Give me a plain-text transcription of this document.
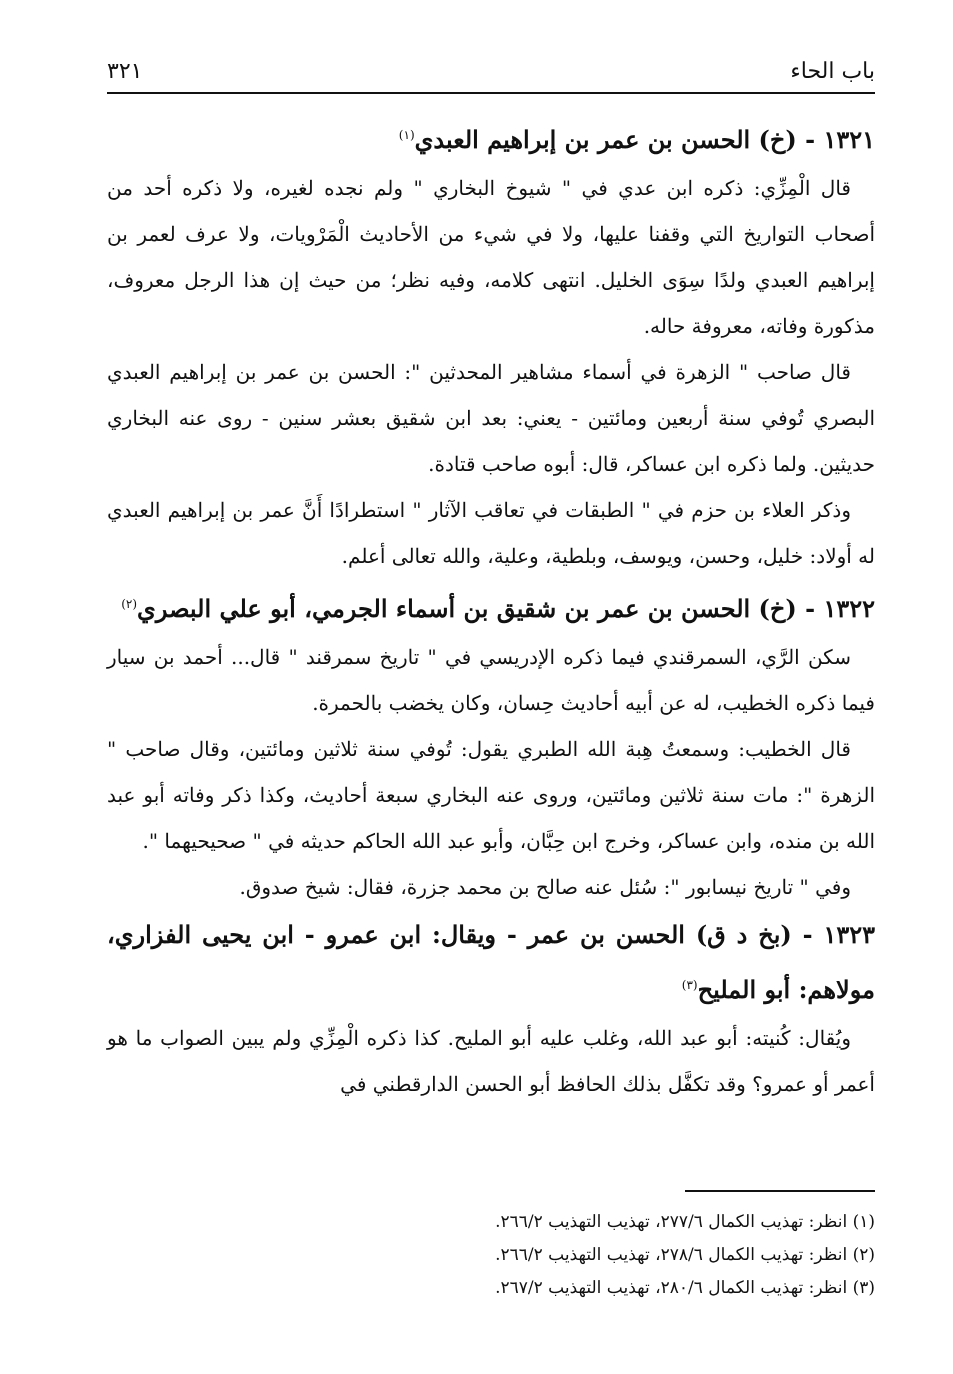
باب الحاء
٣٢١
١٣٢١ - (خ) الحسن بن عمر بن إبراهيم العبدي$^{(١)}$

قال الْمِزِّي: ذكره ابن عدي في " شيوخ البخاري " ولم نجده لغيره، ولا ذكره أحد من أصحاب التواريخ التي وقفنا عليها، ولا في شيء من الأحاديث الْمَرْويات، ولا عرف لعمر بن إبراهيم العبدي ولدًا سِوَى الخليل. انتهى كلامه، وفيه نظر؛ من حيث إن هذا الرجل معروف، مذكورة وفاته، معروفة حاله.

قال صاحب " الزهرة في أسماء مشاهير المحدثين ": الحسن بن عمر بن إبراهيم العبدي البصري تُوفي سنة أربعين ومائتين - يعني: بعد ابن شقيق بعشر سنين - روى عنه البخاري حديثين. ولما ذكره ابن عساكر، قال: أبوه صاحب قتادة.

وذكر العلاء بن حزم في " الطبقات في تعاقب الآثار " استطرادًا أَنَّ عمر بن إبراهيم العبدي له أولاد: خليل، وحسن، ويوسف، وبلطية، وعلية، والله تعالى أعلم.

١٣٢٢ - (خ) الحسن بن عمر بن شقيق بن أسماء الجرمي، أبو علي البصري$^{(٢)}$

سكن الرَّي، السمرقندي فيما ذكره الإدريسي في " تاريخ سمرقند " قال... أحمد بن سيار فيما ذكره الخطيب، له عن أبيه أحاديث حِسان، وكان يخضب بالحمرة.

قال الخطيب: وسمعتُ هِبة الله الطبري يقول: تُوفي سنة ثلاثين ومائتين، وقال صاحب " الزهرة ": مات سنة ثلاثين ومائتين، وروى عنه البخاري سبعة أحاديث، وكذا ذكر وفاته أبو عبد الله بن منده، وابن عساكر، وخرج ابن حِبَّان، وأبو عبد الله الحاكم حديثه في " صحيحيهما ".

وفي " تاريخ نيسابور ": سُئل عنه صالح بن محمد جزرة، فقال: شيخ صدوق.

١٣٢٣ - (بخ د ق) الحسن بن عمر - ويقال: ابن عمرو - ابن يحيى الفزاري، مولاهم: أبو المليح$^{(٣)}$

ويُقال: كُنيته: أبو عبد الله، وغلب عليه أبو المليح. كذا ذكره الْمِزِّي ولم يبين الصواب ما هو أعمر أو عمرو؟ وقد تكفَّل بذلك الحافظ أبو الحسن الدارقطني في

(١) انظر: تهذيب الكمال ٢٧٧/٦، تهذيب التهذيب ٢٦٦/٢.

(٢) انظر: تهذيب الكمال ٢٧٨/٦، تهذيب التهذيب ٢٦٦/٢.

(٣) انظر: تهذيب الكمال ٢٨٠/٦، تهذيب التهذيب ٢٦٧/٢.
